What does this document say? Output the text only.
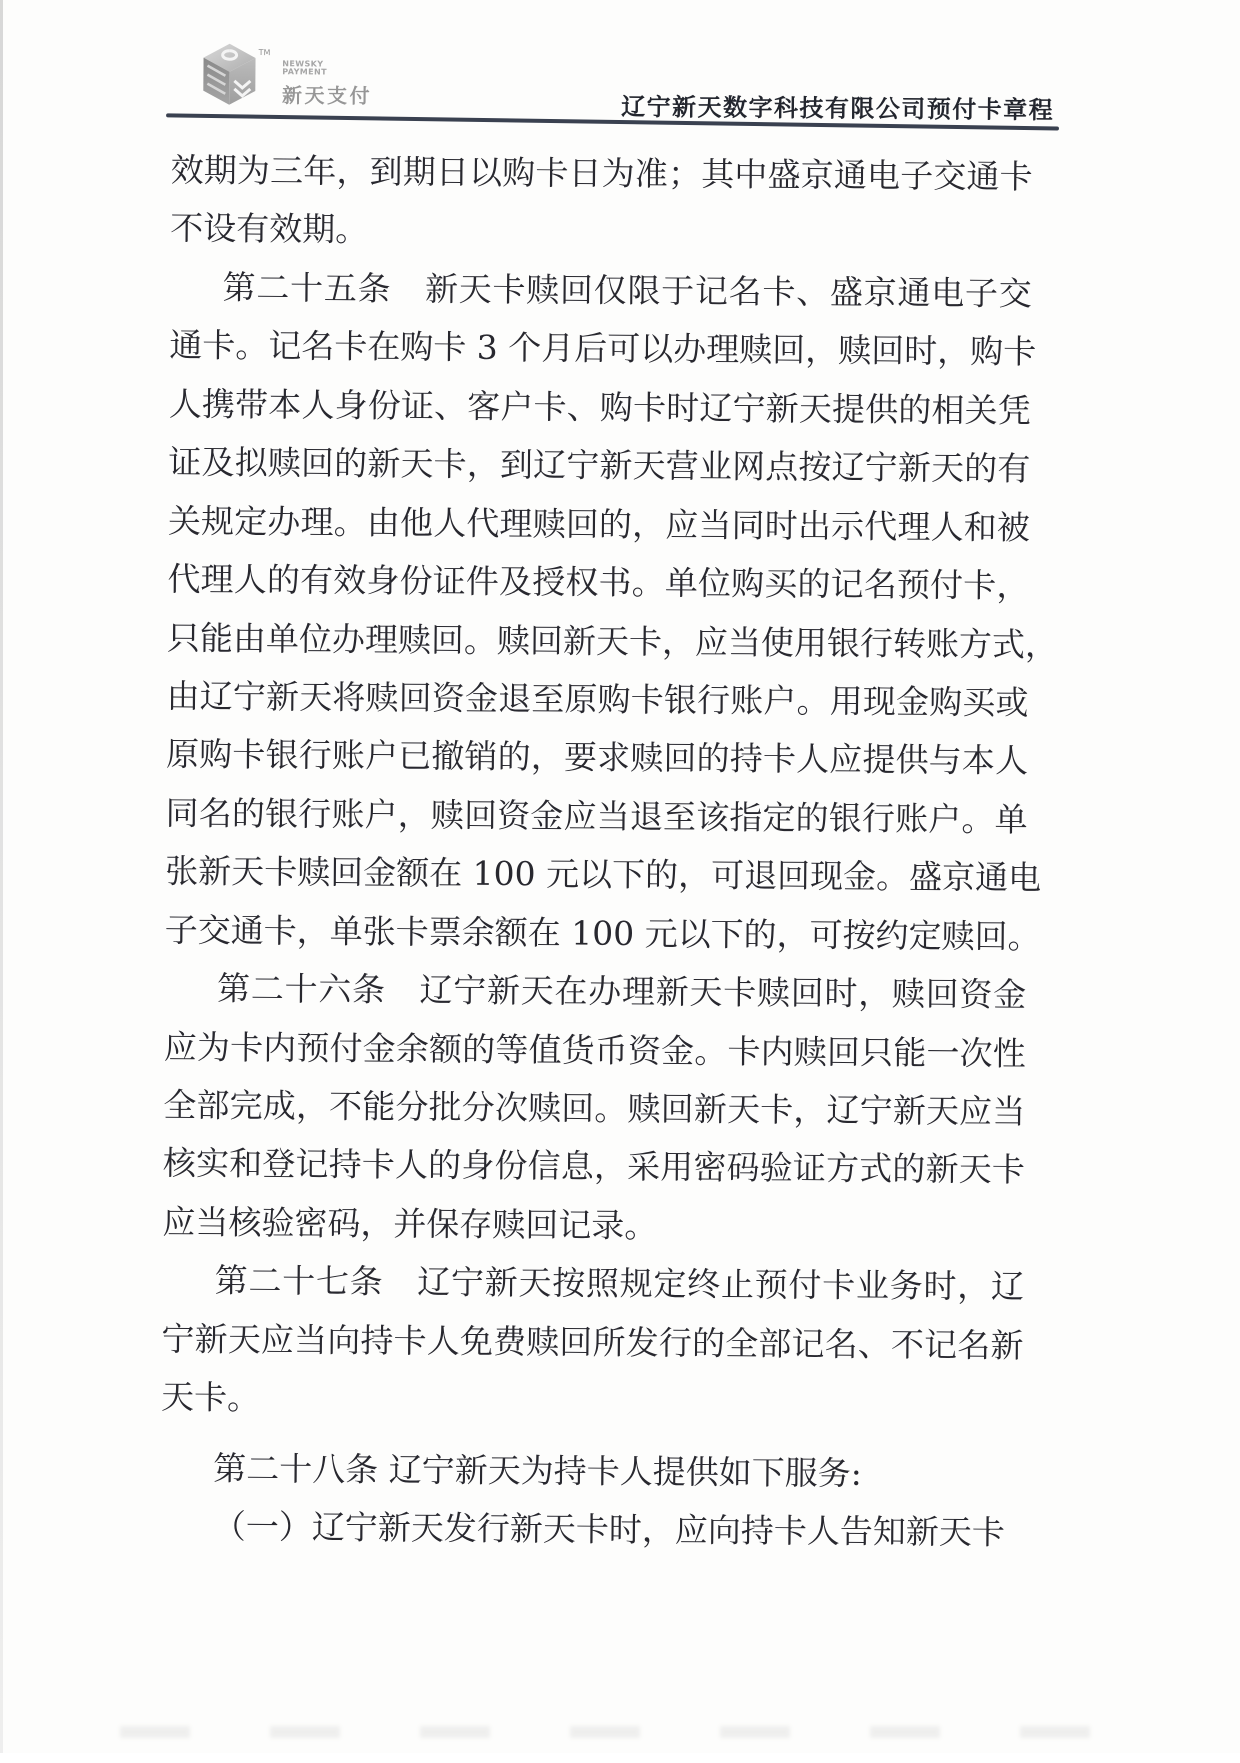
TM
NEWSKY
PAYMENT
新天支付	辽宁新天数字科技有限公司预付卡章程
效期为三年，到期日以购卡日为准；其中盛京通电子交通卡
不设有效期。
第二十五条　新天卡赎回仅限于记名卡、盛京通电子交
通卡。记名卡在购卡 3 个月后可以办理赎回，赎回时，购卡
人携带本人身份证、客户卡、购卡时辽宁新天提供的相关凭
证及拟赎回的新天卡，到辽宁新天营业网点按辽宁新天的有
关规定办理。由他人代理赎回的，应当同时出示代理人和被
代理人的有效身份证件及授权书。单位购买的记名预付卡，
只能由单位办理赎回。赎回新天卡，应当使用银行转账方式，
由辽宁新天将赎回资金退至原购卡银行账户。用现金购买或
原购卡银行账户已撤销的，要求赎回的持卡人应提供与本人
同名的银行账户，赎回资金应当退至该指定的银行账户。单
张新天卡赎回金额在 100 元以下的，可退回现金。盛京通电
子交通卡，单张卡票余额在 100 元以下的，可按约定赎回。
第二十六条　辽宁新天在办理新天卡赎回时，赎回资金
应为卡内预付金余额的等值货币资金。卡内赎回只能一次性
全部完成，不能分批分次赎回。赎回新天卡，辽宁新天应当
核实和登记持卡人的身份信息，采用密码验证方式的新天卡
应当核验密码，并保存赎回记录。
第二十七条　辽宁新天按照规定终止预付卡业务时，辽
宁新天应当向持卡人免费赎回所发行的全部记名、不记名新
天卡。
第二十八条 辽宁新天为持卡人提供如下服务:
（一）辽宁新天发行新天卡时，应向持卡人告知新天卡
